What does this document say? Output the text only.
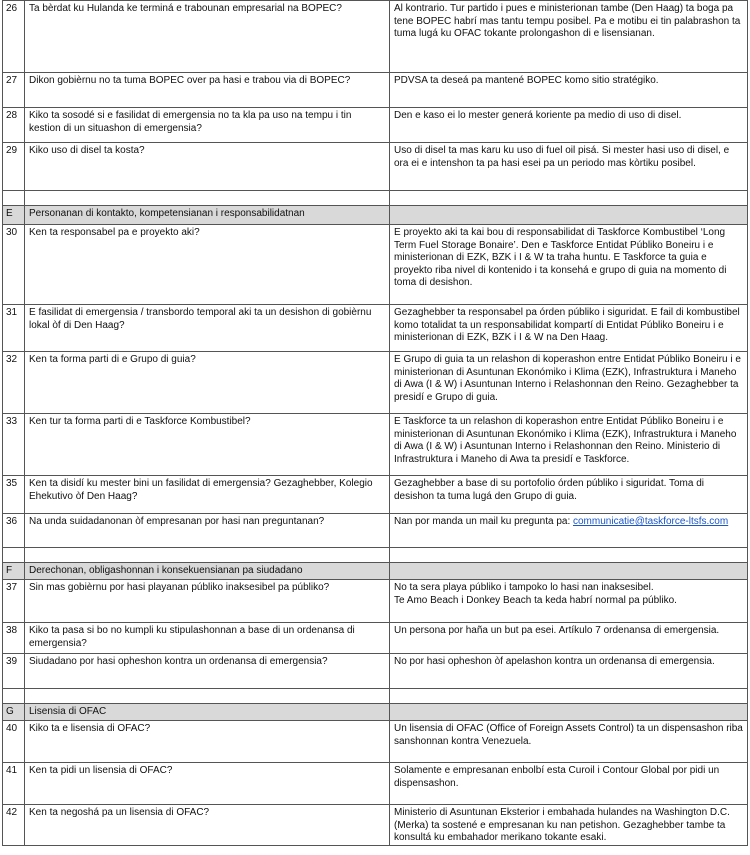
26	Ta bèrdat ku Hulanda ke terminá e trabounan empresarial na BOPEC?	Al kontrario. Tur partido i pues e ministerionan tambe (Den Haag) ta boga pa tene BOPEC habrí mas tantu tempu posibel. Pa e motibu ei tin palabrashon ta tuma lugá ku OFAC tokante prolongashon di e lisensianan.
27	Dikon gobièrnu no ta tuma BOPEC over pa hasi e trabou via di BOPEC?	PDVSA ta deseá pa mantené BOPEC komo sitio stratégiko.
28	Kiko ta sosodé si e fasilidat di emergensia no ta kla pa uso na tempu i tin kestion di un situashon di emergensia?	Den e kaso ei lo mester generá koriente pa medio di uso di disel.
29	Kiko uso di disel ta kosta?	Uso di disel ta mas karu ku uso di fuel oil pisá. Si mester hasi uso di disel, e ora ei e intenshon ta pa hasi esei pa un periodo mas kòrtiku posibel.

E	Personanan di kontakto, kompetensianan i responsabilidatnan	
30	Ken ta responsabel pa e proyekto aki?	E proyekto aki ta kai bou di responsabilidat di Taskforce Kombustibel ‘Long Term Fuel Storage Bonaire’. Den e Taskforce Entidat Públiko Boneiru i e ministerionan di EZK, BZK i I & W ta traha huntu. E Taskforce ta guia e proyekto riba nivel di kontenido i ta konsehá e grupo di guia na momento di toma di desishon.
31	E fasilidat di emergensia / transbordo temporal aki ta un desishon di gobièrnu lokal òf di Den Haag?	Gezaghebber ta responsabel pa órden públiko i siguridat. E fail di kombustibel komo totalidat ta un responsabilidat kompartí di Entidat Públiko Boneiru i e ministerionan di EZK, BZK i I & W na Den Haag.
32	Ken ta forma parti di e Grupo di guia?	E Grupo di guia ta un relashon di koperashon entre Entidat Públiko Boneiru i e ministerionan di Asuntunan Ekonómiko i Klima (EZK), Infrastruktura i Maneho di Awa (I & W) i Asuntunan Interno i Relashonnan den Reino. Gezaghebber ta presidí e Grupo di guia.
33	Ken tur ta forma parti di e Taskforce Kombustibel?	E Taskforce ta un relashon di koperashon entre Entidat Públiko Boneiru i e ministerionan di Asuntunan Ekonómiko i Klima (EZK), Infrastruktura i Maneho di Awa (I & W) i Asuntunan Interno i Relashonnan den Reino. Ministerio di Infrastruktura i Maneho di Awa ta presidí e Taskforce.
35	Ken ta disidí ku mester bini un fasilidat di emergensia? Gezaghebber, Kolegio Ehekutivo òf Den Haag?	Gezaghebber a base di su portofolio órden públiko i siguridat. Toma di desishon ta tuma lugá den Grupo di guia.
36	Na unda suidadanonan òf empresanan por hasi nan preguntanan?	Nan por manda un mail ku pregunta pa: communicatie@taskforce-ltsfs.com

F	Derechonan, obligashonnan i konsekuensianan pa siudadano	
37	Sin mas gobièrnu por hasi playanan públiko inaksesibel pa públiko?	No ta sera playa públiko i tampoko lo hasi nan inaksesibel.
Te Amo Beach i Donkey Beach ta keda habrí normal pa públiko.

38	Kiko ta pasa si bo no kumpli ku stipulashonnan a base di un ordenansa di emergensia?	Un persona por haña un but pa esei. Artíkulo 7 ordenansa di emergensia.
39	Siudadano por hasi opheshon kontra un ordenansa di emergensia?	No por hasi opheshon òf apelashon kontra un ordenansa di emergensia.

G	Lisensia di OFAC	
40	Kiko ta e lisensia di OFAC?	Un lisensia di OFAC (Office of Foreign Assets Control) ta un dispensashon riba sanshonnan kontra Venezuela.
41	Ken ta pidi un lisensia di OFAC?	Solamente e empresanan enbolbí esta Curoil i Contour Global por pidi un dispensashon.
42	Ken ta negoshá pa un lisensia di OFAC?	Ministerio di Asuntunan Eksterior i embahada hulandes na Washington D.C. (Merka) ta sostené e empresanan ku nan petishon. Gezaghebber tambe ta konsultá ku embahador merikano tokante esaki.
